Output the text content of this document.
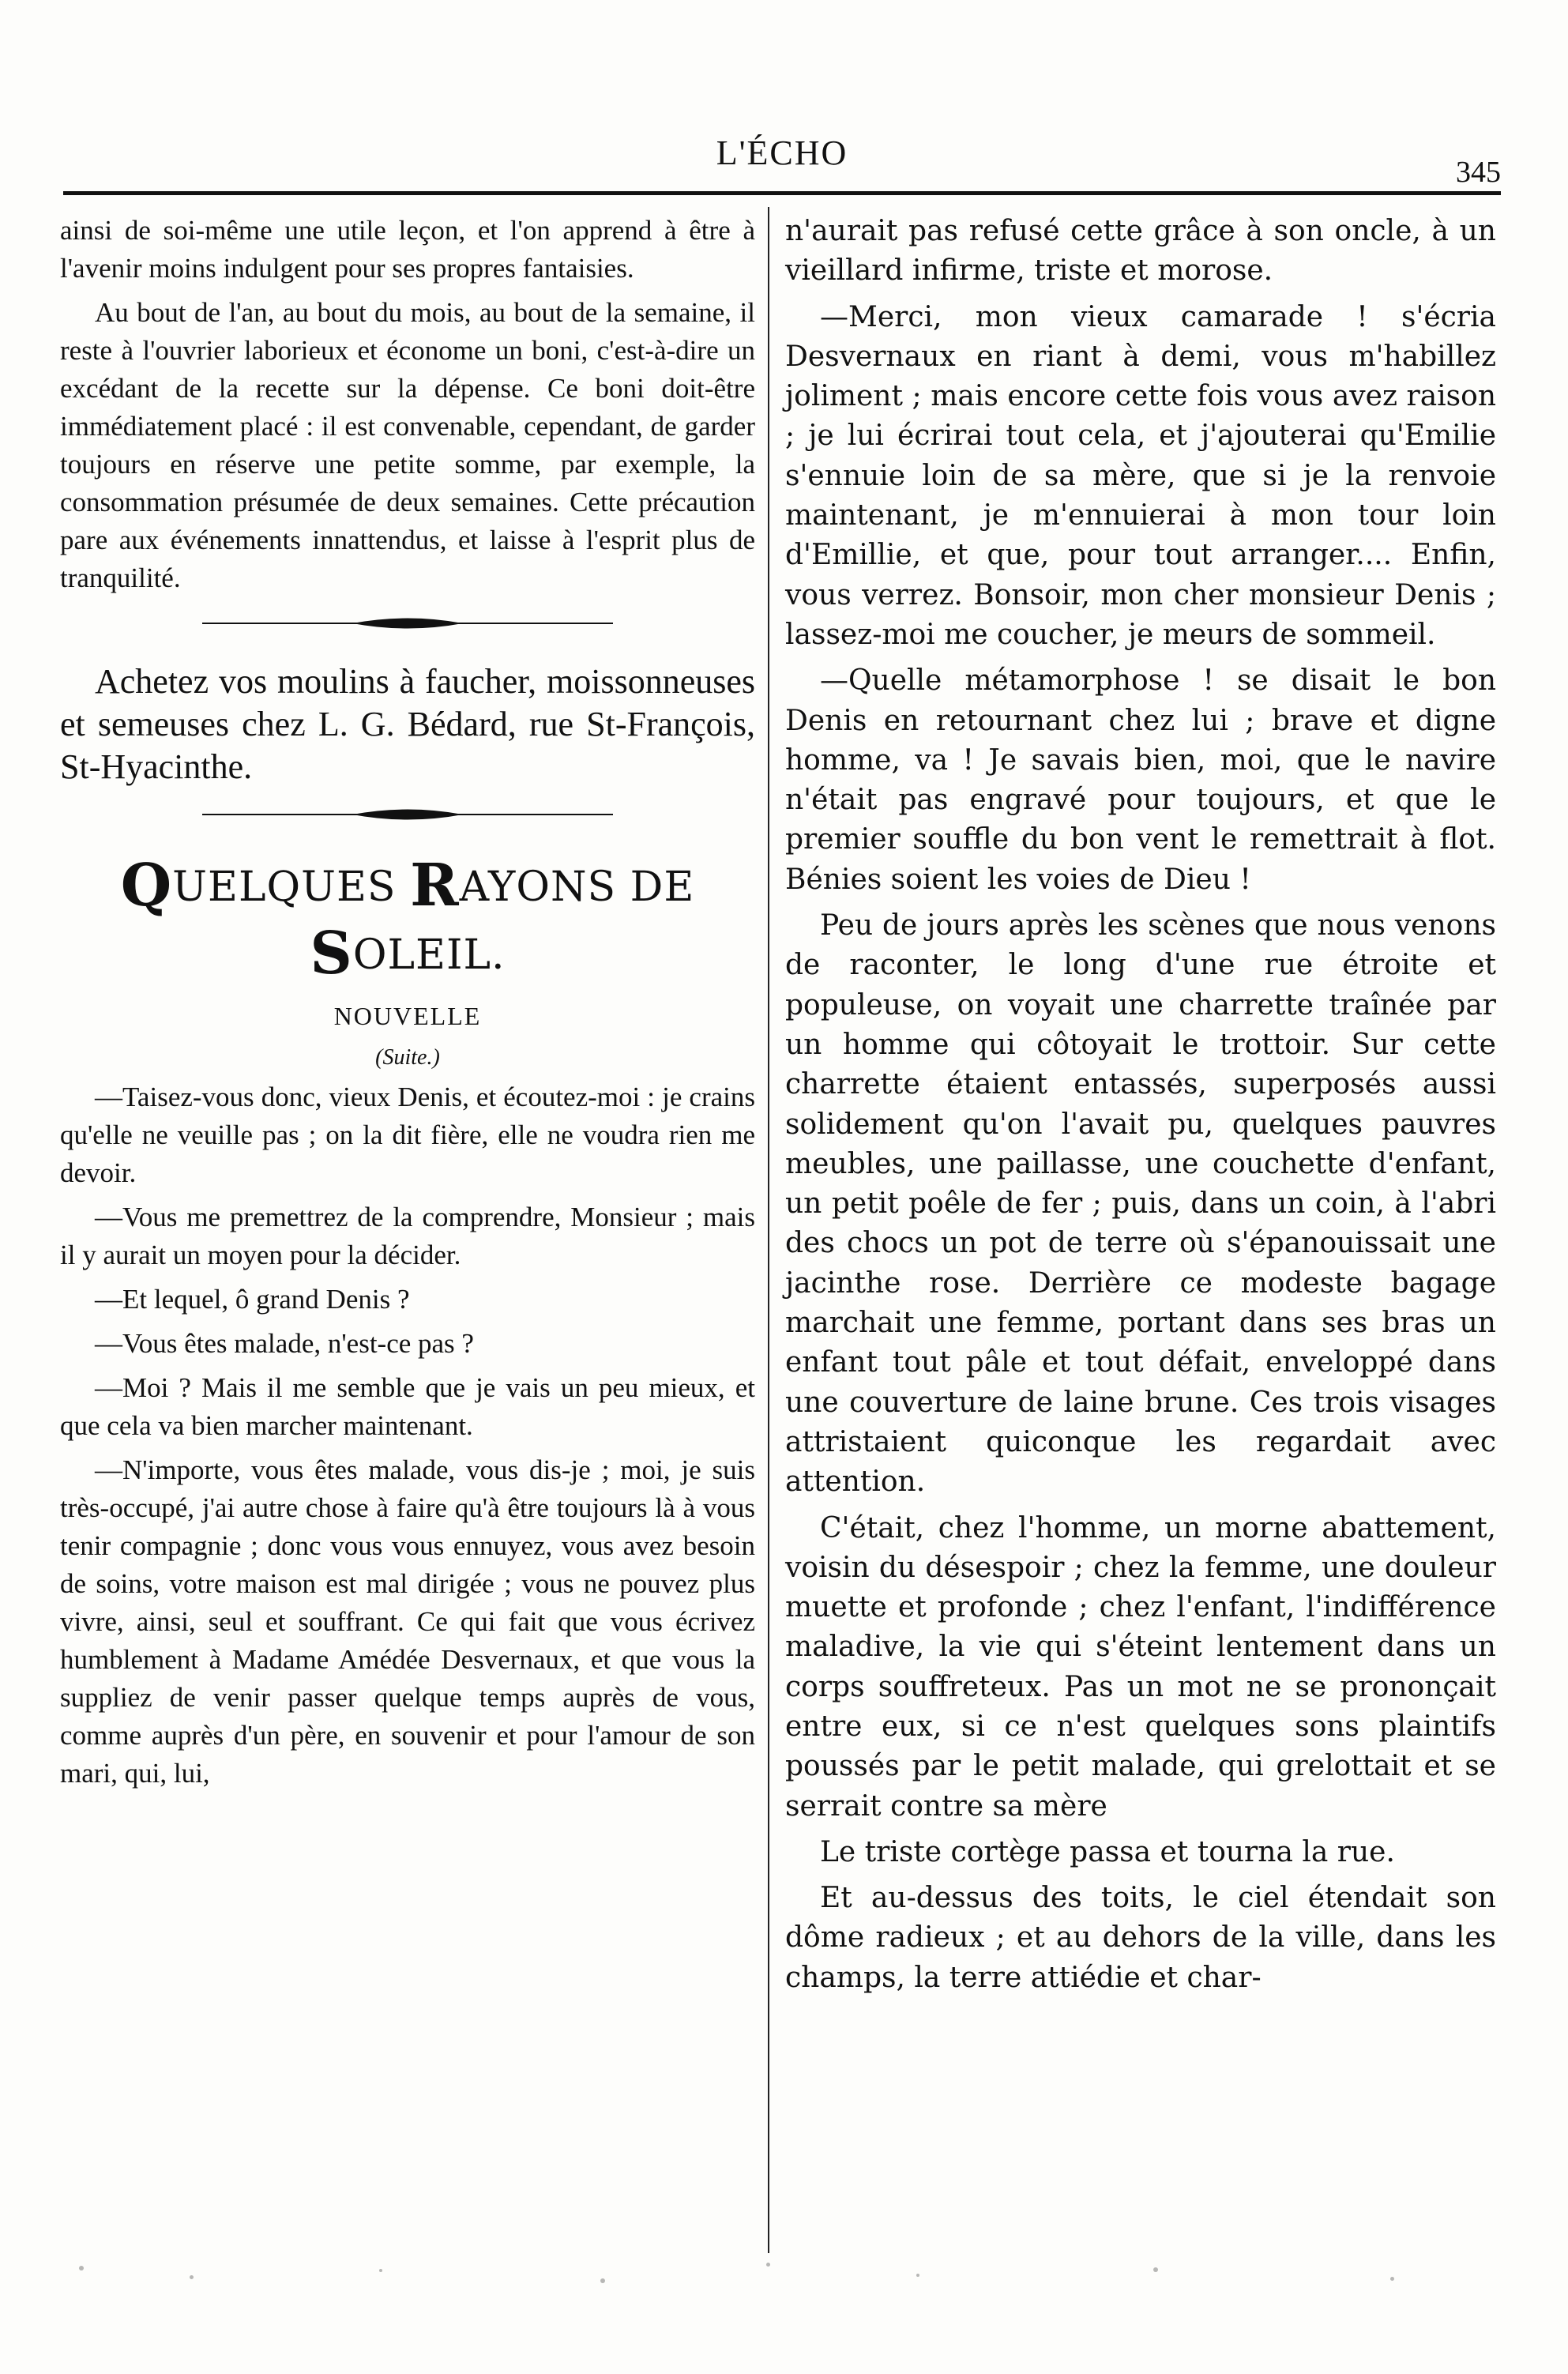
L'ÉCHO	345

ainsi de soi-même une utile leçon, et l'on apprend à être à l'avenir moins indulgent pour ses propres fantaisies.

Au bout de l'an, au bout du mois, au bout de la semaine, il reste à l'ouvrier laborieux et économe un boni, c'est-à-dire un excédant de la recette sur la dépense. Ce boni doit-être immédiatement placé : il est convenable, cependant, de garder toujours en réserve une petite somme, par exemple, la consommation présumée de deux semaines. Cette précaution pare aux événements innattendus, et laisse à l'esprit plus de tranquilité.

Achetez vos moulins à faucher, moissonneuses et semeuses chez L. G. Bédard, rue St-François, St-Hyacinthe.

QUELQUES RAYONS DE SOLEIL.
NOUVELLE
(Suite.)

—Taisez-vous donc, vieux Denis, et écoutez-moi : je crains qu'elle ne veuille pas ; on la dit fière, elle ne voudra rien me devoir.

—Vous me premettrez de la comprendre, Monsieur ; mais il y aurait un moyen pour la décider.

—Et lequel, ô grand Denis ?

—Vous êtes malade, n'est-ce pas ?

—Moi ? Mais il me semble que je vais un peu mieux, et que cela va bien marcher maintenant.

—N'importe, vous êtes malade, vous dis-je ; moi, je suis très-occupé, j'ai autre chose à faire qu'à être toujours là à vous tenir compagnie ; donc vous vous ennuyez, vous avez besoin de soins, votre maison est mal dirigée ; vous ne pouvez plus vivre, ainsi, seul et souffrant. Ce qui fait que vous écrivez humblement à Madame Amédée Desvernaux, et que vous la suppliez de venir passer quelque temps auprès de vous, comme auprès d'un père, en souvenir et pour l'amour de son mari, qui, lui,

n'aurait pas refusé cette grâce à son oncle, à un vieillard infirme, triste et morose.

—Merci, mon vieux camarade ! s'écria Desvernaux en riant à demi, vous m'habillez joliment ; mais encore cette fois vous avez raison ; je lui écrirai tout cela, et j'ajouterai qu'Emilie s'ennuie loin de sa mère, que si je la renvoie maintenant, je m'ennuierai à mon tour loin d'Emillie, et que, pour tout arranger.... Enfin, vous verrez. Bonsoir, mon cher monsieur Denis ; lassez-moi me coucher, je meurs de sommeil.

—Quelle métamorphose ! se disait le bon Denis en retournant chez lui ; brave et digne homme, va ! Je savais bien, moi, que le navire n'était pas engravé pour toujours, et que le premier souffle du bon vent le remettrait à flot. Bénies soient les voies de Dieu !

Peu de jours après les scènes que nous venons de raconter, le long d'une rue étroite et populeuse, on voyait une charrette traînée par un homme qui côtoyait le trottoir. Sur cette charrette étaient entassés, superposés aussi solidement qu'on l'avait pu, quelques pauvres meubles, une paillasse, une couchette d'enfant, un petit poêle de fer ; puis, dans un coin, à l'abri des chocs un pot de terre où s'épanouissait une jacinthe rose. Derrière ce modeste bagage marchait une femme, portant dans ses bras un enfant tout pâle et tout défait, enveloppé dans une couverture de laine brune. Ces trois visages attristaient quiconque les regardait avec attention.

C'était, chez l'homme, un morne abattement, voisin du désespoir ; chez la femme, une douleur muette et profonde ; chez l'enfant, l'indifférence maladive, la vie qui s'éteint lentement dans un corps souffreteux. Pas un mot ne se prononçait entre eux, si ce n'est quelques sons plaintifs poussés par le petit malade, qui grelottait et se serrait contre sa mère

Le triste cortège passa et tourna la rue.

Et au-dessus des toits, le ciel étendait son dôme radieux ; et au dehors de la ville, dans les champs, la terre attiédie et char-
